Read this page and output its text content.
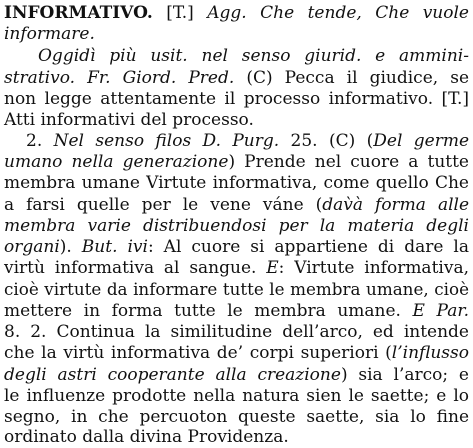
INFORMATIVO. [T.] Agg. Che tende, Che vuole
informare.
Oggidì più usit. nel senso giurid. e ammini-
strativo. Fr. Giord. Pred. (C) Pecca il giudice, se
non legge attentamente il processo informativo. [T.]
Atti informativi del processo.
2. Nel senso filos D. Purg. 25. (C) (Del germe
umano nella generazione) Prende nel cuore a tutte
membra umane Virtute informativa, come quello Che
a farsi quelle per le vene váne (dav̀à forma alle
membra varie distribuendosi per la materia degli
organi). But. ivi: Al cuore si appartiene di dare la
virtù informativa al sangue. E: Virtute informativa,
cioè virtute da informare tutte le membra umane, cioè
mettere in forma tutte le membra umane. E Par.
8. 2. Continua la similitudine dell’arco, ed intende
che la virtù informativa de’ corpi superiori (l’influsso
degli astri cooperante alla creazione) sia l’arco; e
le influenze prodotte nella natura sien le saette; e lo
segno, in che percuoton queste saette, sia lo fine
ordinato dalla divina Providenza.
